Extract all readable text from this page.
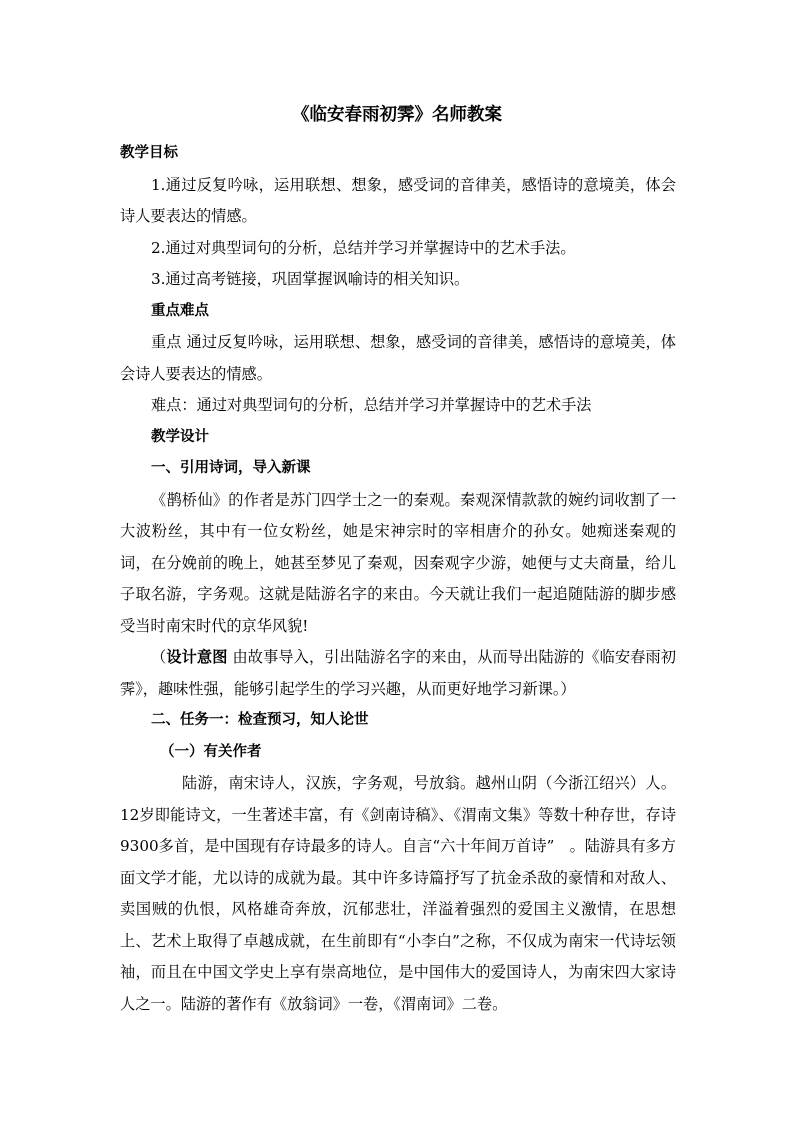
《临安春雨初霁》名师教案

教学目标

1.通过反复吟咏，运用联想、想象，感受词的音律美，感悟诗的意境美，体会诗人要表达的情感。

2.通过对典型词句的分析，总结并学习并掌握诗中的艺术手法。

3.通过高考链接，巩固掌握讽喻诗的相关知识。

重点难点

重点 通过反复吟咏，运用联想、想象，感受词的音律美，感悟诗的意境美，体会诗人要表达的情感。

难点：通过对典型词句的分析，总结并学习并掌握诗中的艺术手法

教学设计

一、引用诗词，导入新课

《鹊桥仙》的作者是苏门四学士之一的秦观。秦观深情款款的婉约词收割了一大波粉丝，其中有一位女粉丝，她是宋神宗时的宰相唐介的孙女。她痴迷秦观的词，在分娩前的晚上，她甚至梦见了秦观，因秦观字少游，她便与丈夫商量，给儿子取名游，字务观。这就是陆游名字的来由。今天就让我们一起追随陆游的脚步感受当时南宋时代的京华风貌!

（设计意图 由故事导入，引出陆游名字的来由，从而导出陆游的《临安春雨初霁》，趣味性强，能够引起学生的学习兴趣，从而更好地学习新课。）

二、任务一：检查预习，知人论世

（一）有关作者

陆游，南宋诗人，汉族，字务观，号放翁。越州山阴（今浙江绍兴）人。12岁即能诗文，一生著述丰富，有《剑南诗稿》、《渭南文集》等数十种存世，存诗9300多首，是中国现有存诗最多的诗人。自言“六十年间万首诗”　。陆游具有多方面文学才能，尤以诗的成就为最。其中许多诗篇抒写了抗金杀敌的豪情和对敌人、卖国贼的仇恨，风格雄奇奔放，沉郁悲壮，洋溢着强烈的爱国主义激情，在思想上、艺术上取得了卓越成就，在生前即有“小李白”之称，不仅成为南宋一代诗坛领袖，而且在中国文学史上享有崇高地位，是中国伟大的爱国诗人，为南宋四大家诗人之一。陆游的著作有《放翁词》一卷，《渭南词》二卷。
